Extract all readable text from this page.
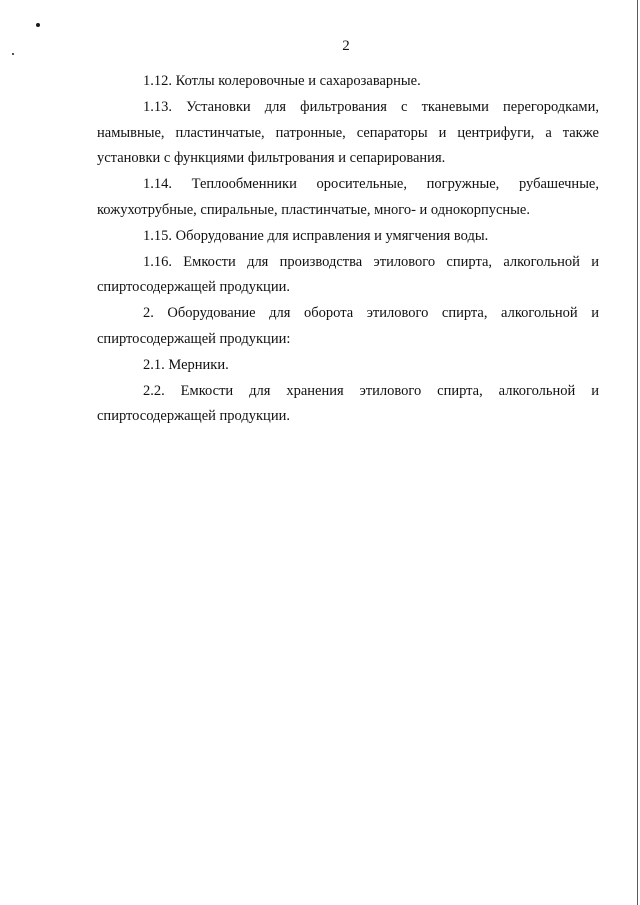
2

1.12. Котлы колеровочные и сахарозаварные.

1.13. Установки для фильтрования с тканевыми перегородками, намывные, пластинчатые, патронные, сепараторы и центрифуги, а также установки с функциями фильтрования и сепарирования.

1.14. Теплообменники оросительные, погружные, рубашечные, кожухотрубные, спиральные, пластинчатые, много- и однокорпусные.

1.15. Оборудование для исправления и умягчения воды.

1.16. Емкости для производства этилового спирта, алкогольной и спиртосодержащей продукции.

2. Оборудование для оборота этилового спирта, алкогольной и спиртосодержащей продукции:

2.1. Мерники.

2.2. Емкости для хранения этилового спирта, алкогольной и спиртосодержащей продукции.
